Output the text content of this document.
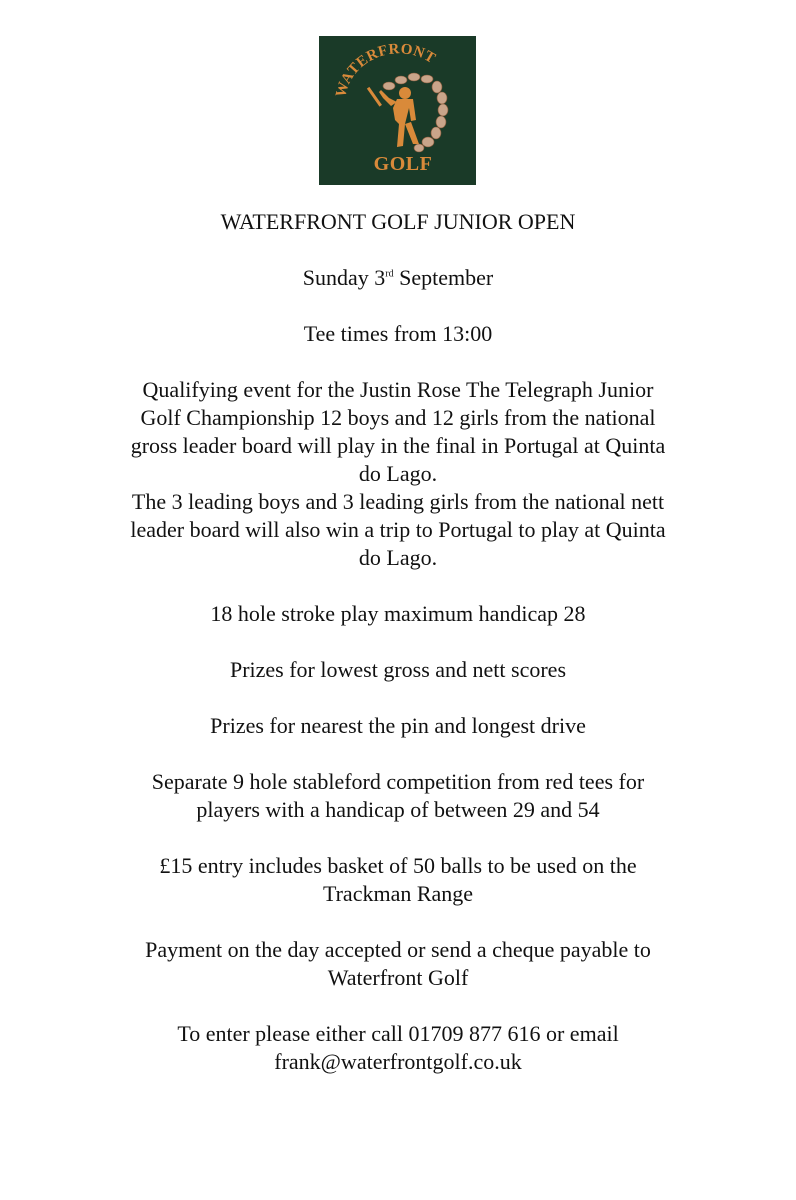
WATERFRONT
GOLF

WATERFRONT GOLF JUNIOR OPEN

Sunday 3rd September

Tee times from 13:00

Qualifying event for the Justin Rose The Telegraph Junior
Golf Championship 12 boys and 12 girls from the national
gross leader board will play in the final in Portugal at Quinta
do Lago.
The 3 leading boys and 3 leading girls from the national nett
leader board will also win a trip to Portugal to play at Quinta
do Lago.

18 hole stroke play maximum handicap 28

Prizes for lowest gross and nett scores

Prizes for nearest the pin and longest drive

Separate 9 hole stableford competition from red tees for
players with a handicap of between 29 and 54

£15 entry includes basket of 50 balls to be used on the
Trackman Range

Payment on the day accepted or send a cheque payable to
Waterfront Golf

To enter please either call 01709 877 616 or email
frank@waterfrontgolf.co.uk
